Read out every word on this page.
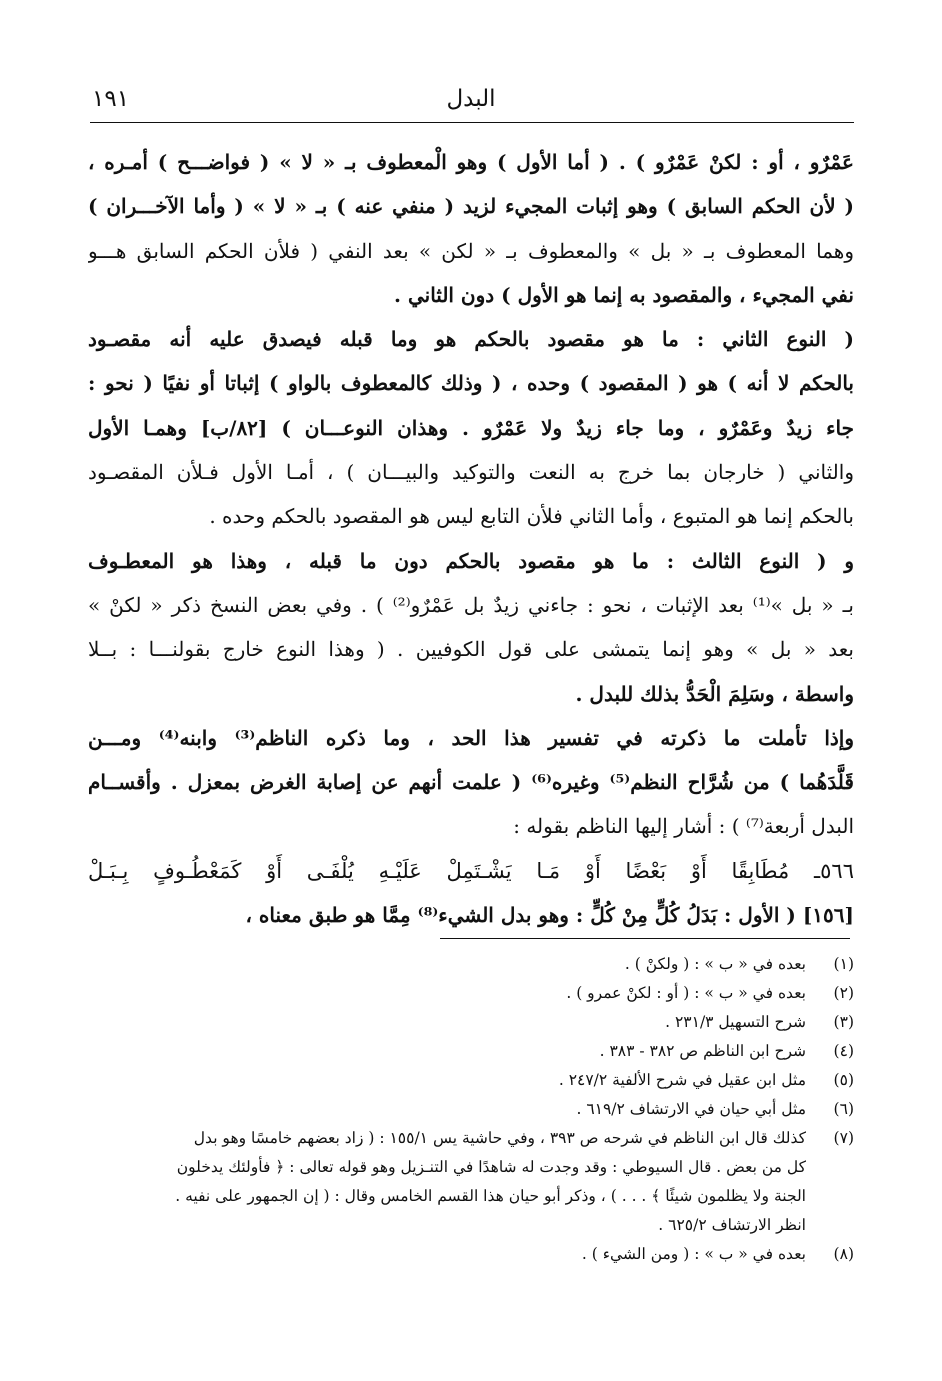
البدل
١٩١
عَمْرٌو ، أو : لكنْ عَمْرٌو ) . ( أما الأول ) وهو الْمعطوف بـ « لا » ( فواضـــح ) أمـره ،
( لأن الحكم السابق ) وهو إثبات المجيء لزيد ( منفي عنه ) بـ « لا » ( وأما الآخـــران )
وهما المعطوف بـ « بل » والمعطوف بـ « لكن » بعد النفي ( فلأن الحكم السابق هـــو
نفي المجيء ، والمقصود به إنما هو الأول ) دون الثاني .
( النوع الثاني : ما هو مقصود بالحكم هو وما قبله فيصدق عليه أنه مقصـود
بالحكم لا أنه ) هو ( المقصود ) وحده ، ( وذلك كالمعطوف بالواو ) إثباتا أو نفيًا ( نحو :
جاء زيدٌ وعَمْرٌو ، وما جاء زيدٌ ولا عَمْرٌو . وهذان النوعـــان ) [٨٢/ب] وهمـا الأول
والثاني ( خارجان بما خرج به النعت والتوكيد والبيـــان ) ، أمـا الأول فـلأن المقصـود
بالحكم إنما هو المتبوع ، وأما الثاني فلأن التابع ليس هو المقصود بالحكم وحده .
و ( النوع الثالث : ما هو مقصود بالحكم دون ما قبله ، وهذا هو المعطـوف
بـ « بل »⁽¹⁾ بعد الإثبات ، نحو : جاءني زيدٌ بل عَمْرٌو⁽²⁾ ) . وفي بعض النسخ ذكر « لكنْ »
بعد « بل » وهو إنما يتمشى على قول الكوفيين . ( وهذا النوع خارج بقولنـــا : بــلا
واسطة ، وسَلِمَ الْحَدُّ بذلك للبدل .
وإذا تأملت ما ذكرته في تفسير هذا الحد ، وما ذكره الناظم⁽³⁾ وابنه⁽⁴⁾ ومـــن
قَلَّدَهُما ) من شُرَّاح النظم⁽⁵⁾ وغيره⁽⁶⁾ ( علمت أنهم عن إصابة الغرض بمعزل . وأقســام
البدل أربعة⁽⁷⁾ ) : أشار إليها الناظم بقوله :
٥٦٦ـ مُطَابِقًا أَوْ بَعْضًا أَوْ مَـا يَشْـتَمِلْ عَلَيْـهِ يُلْفَـى أَوْ كَمَعْطُـوفٍ بِـبَـلْ
[١٥٦] ( الأول : بَدَلُ كُلٍّ مِنْ كُلٍّ : وهو بدل الشيء⁽⁸⁾ مِمَّا هو طبق معناه ،
(١)
بعده في « ب » : ( ولكنْ ) .
(٢)
بعده في « ب » : ( أو : لكنْ عمرو ) .
(٣)
شرح التسهيل ٢٣١/٣ .
(٤)
شرح ابن الناظم ص ٣٨٢ - ٣٨٣ .
(٥)
مثل ابن عقيل في شرح الألفية ٢٤٧/٢ .
(٦)
مثل أبي حيان في الارتشاف ٦١٩/٢ .
(٧)
كذلك قال ابن الناظم في شرحه ص ٣٩٣ ، وفي حاشية يس ١٥٥/١ : ( زاد بعضهم خامسًا وهو بدل
كل من بعض . قال السيوطي : وقد وجدت له شاهدًا في التنـزيل وهو قوله تعالى : ﴿ فأولئك يدخلون
الجنة ولا يظلمون شيئًا ﴾ . . . ) ، وذكر أبو حيان هذا القسم الخامس وقال : ( إن الجمهور على نفيه .
انظر الارتشاف ٦٢٥/٢ .
(٨)
بعده في « ب » : ( ومن الشيء ) .
